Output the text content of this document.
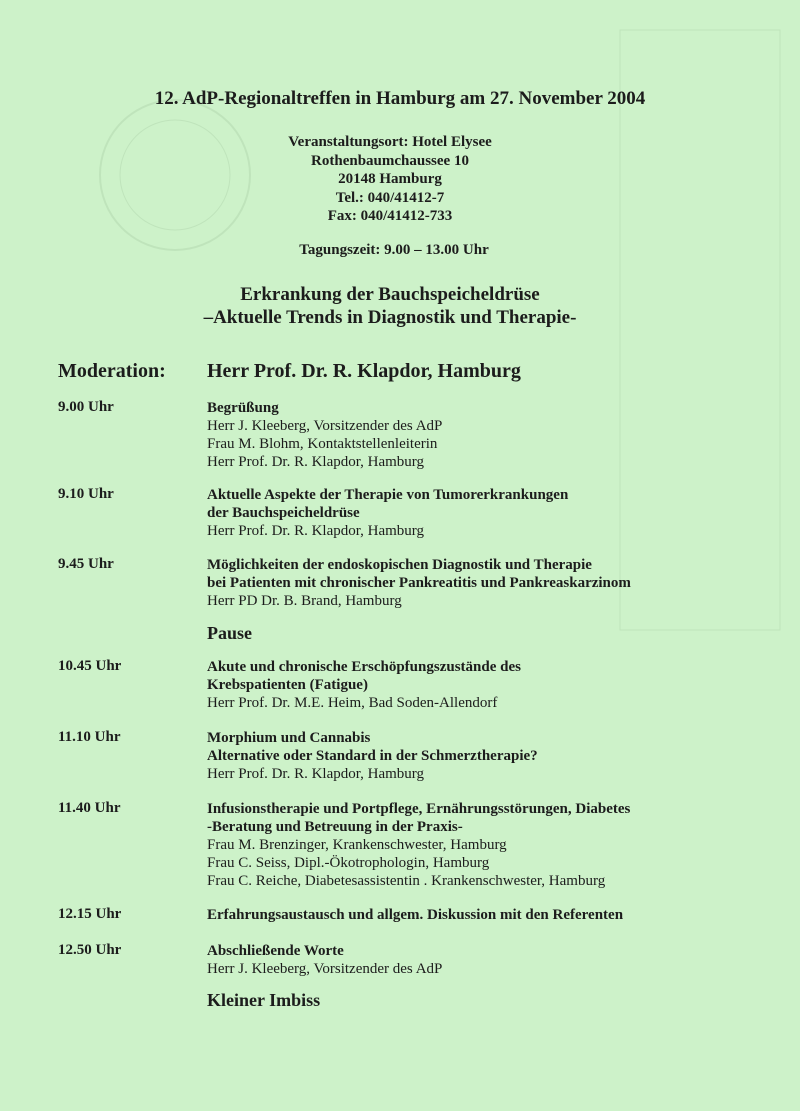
12. AdP-Regionaltreffen in Hamburg am 27. November 2004
Veranstaltungsort: Hotel Elysee
Rothenbaumchaussee 10
20148 Hamburg
Tel.: 040/41412-7
Fax: 040/41412-733
Tagungszeit: 9.00 – 13.00 Uhr
Erkrankung der Bauchspeicheldrüse
–Aktuelle Trends in Diagnostik und Therapie-
Moderation: Herr Prof. Dr. R. Klapdor, Hamburg
9.00 Uhr	Begrüßung
Herr J. Kleeberg, Vorsitzender des AdP
Frau M. Blohm, Kontaktstellenleiterin
Herr Prof. Dr. R. Klapdor, Hamburg
9.10 Uhr	Aktuelle Aspekte der Therapie von Tumorerkrankungen
der Bauchspeicheldrüse
Herr Prof. Dr. R. Klapdor, Hamburg
9.45 Uhr	Möglichkeiten der endoskopischen Diagnostik und Therapie
bei Patienten mit chronischer Pankreatitis und Pankreaskarzinom
Herr PD Dr. B. Brand, Hamburg
Pause
10.45 Uhr	Akute und chronische Erschöpfungszustände des
Krebspatienten (Fatigue)
Herr Prof. Dr. M.E. Heim, Bad Soden-Allendorf
11.10 Uhr	Morphium und Cannabis
Alternative oder Standard in der Schmerztherapie?
Herr Prof. Dr. R. Klapdor, Hamburg
11.40 Uhr	Infusionstherapie und Portpflege, Ernährungsstörungen, Diabetes
-Beratung und Betreuung in der Praxis-
Frau M. Brenzinger, Krankenschwester, Hamburg
Frau C. Seiss, Dipl.-Ökotrophologin, Hamburg
Frau C. Reiche, Diabetesassistentin . Krankenschwester, Hamburg
12.15 Uhr	Erfahrungsaustausch und allgem. Diskussion mit den Referenten
12.50 Uhr	Abschließende Worte
Herr J. Kleeberg, Vorsitzender des AdP
Kleiner Imbiss
